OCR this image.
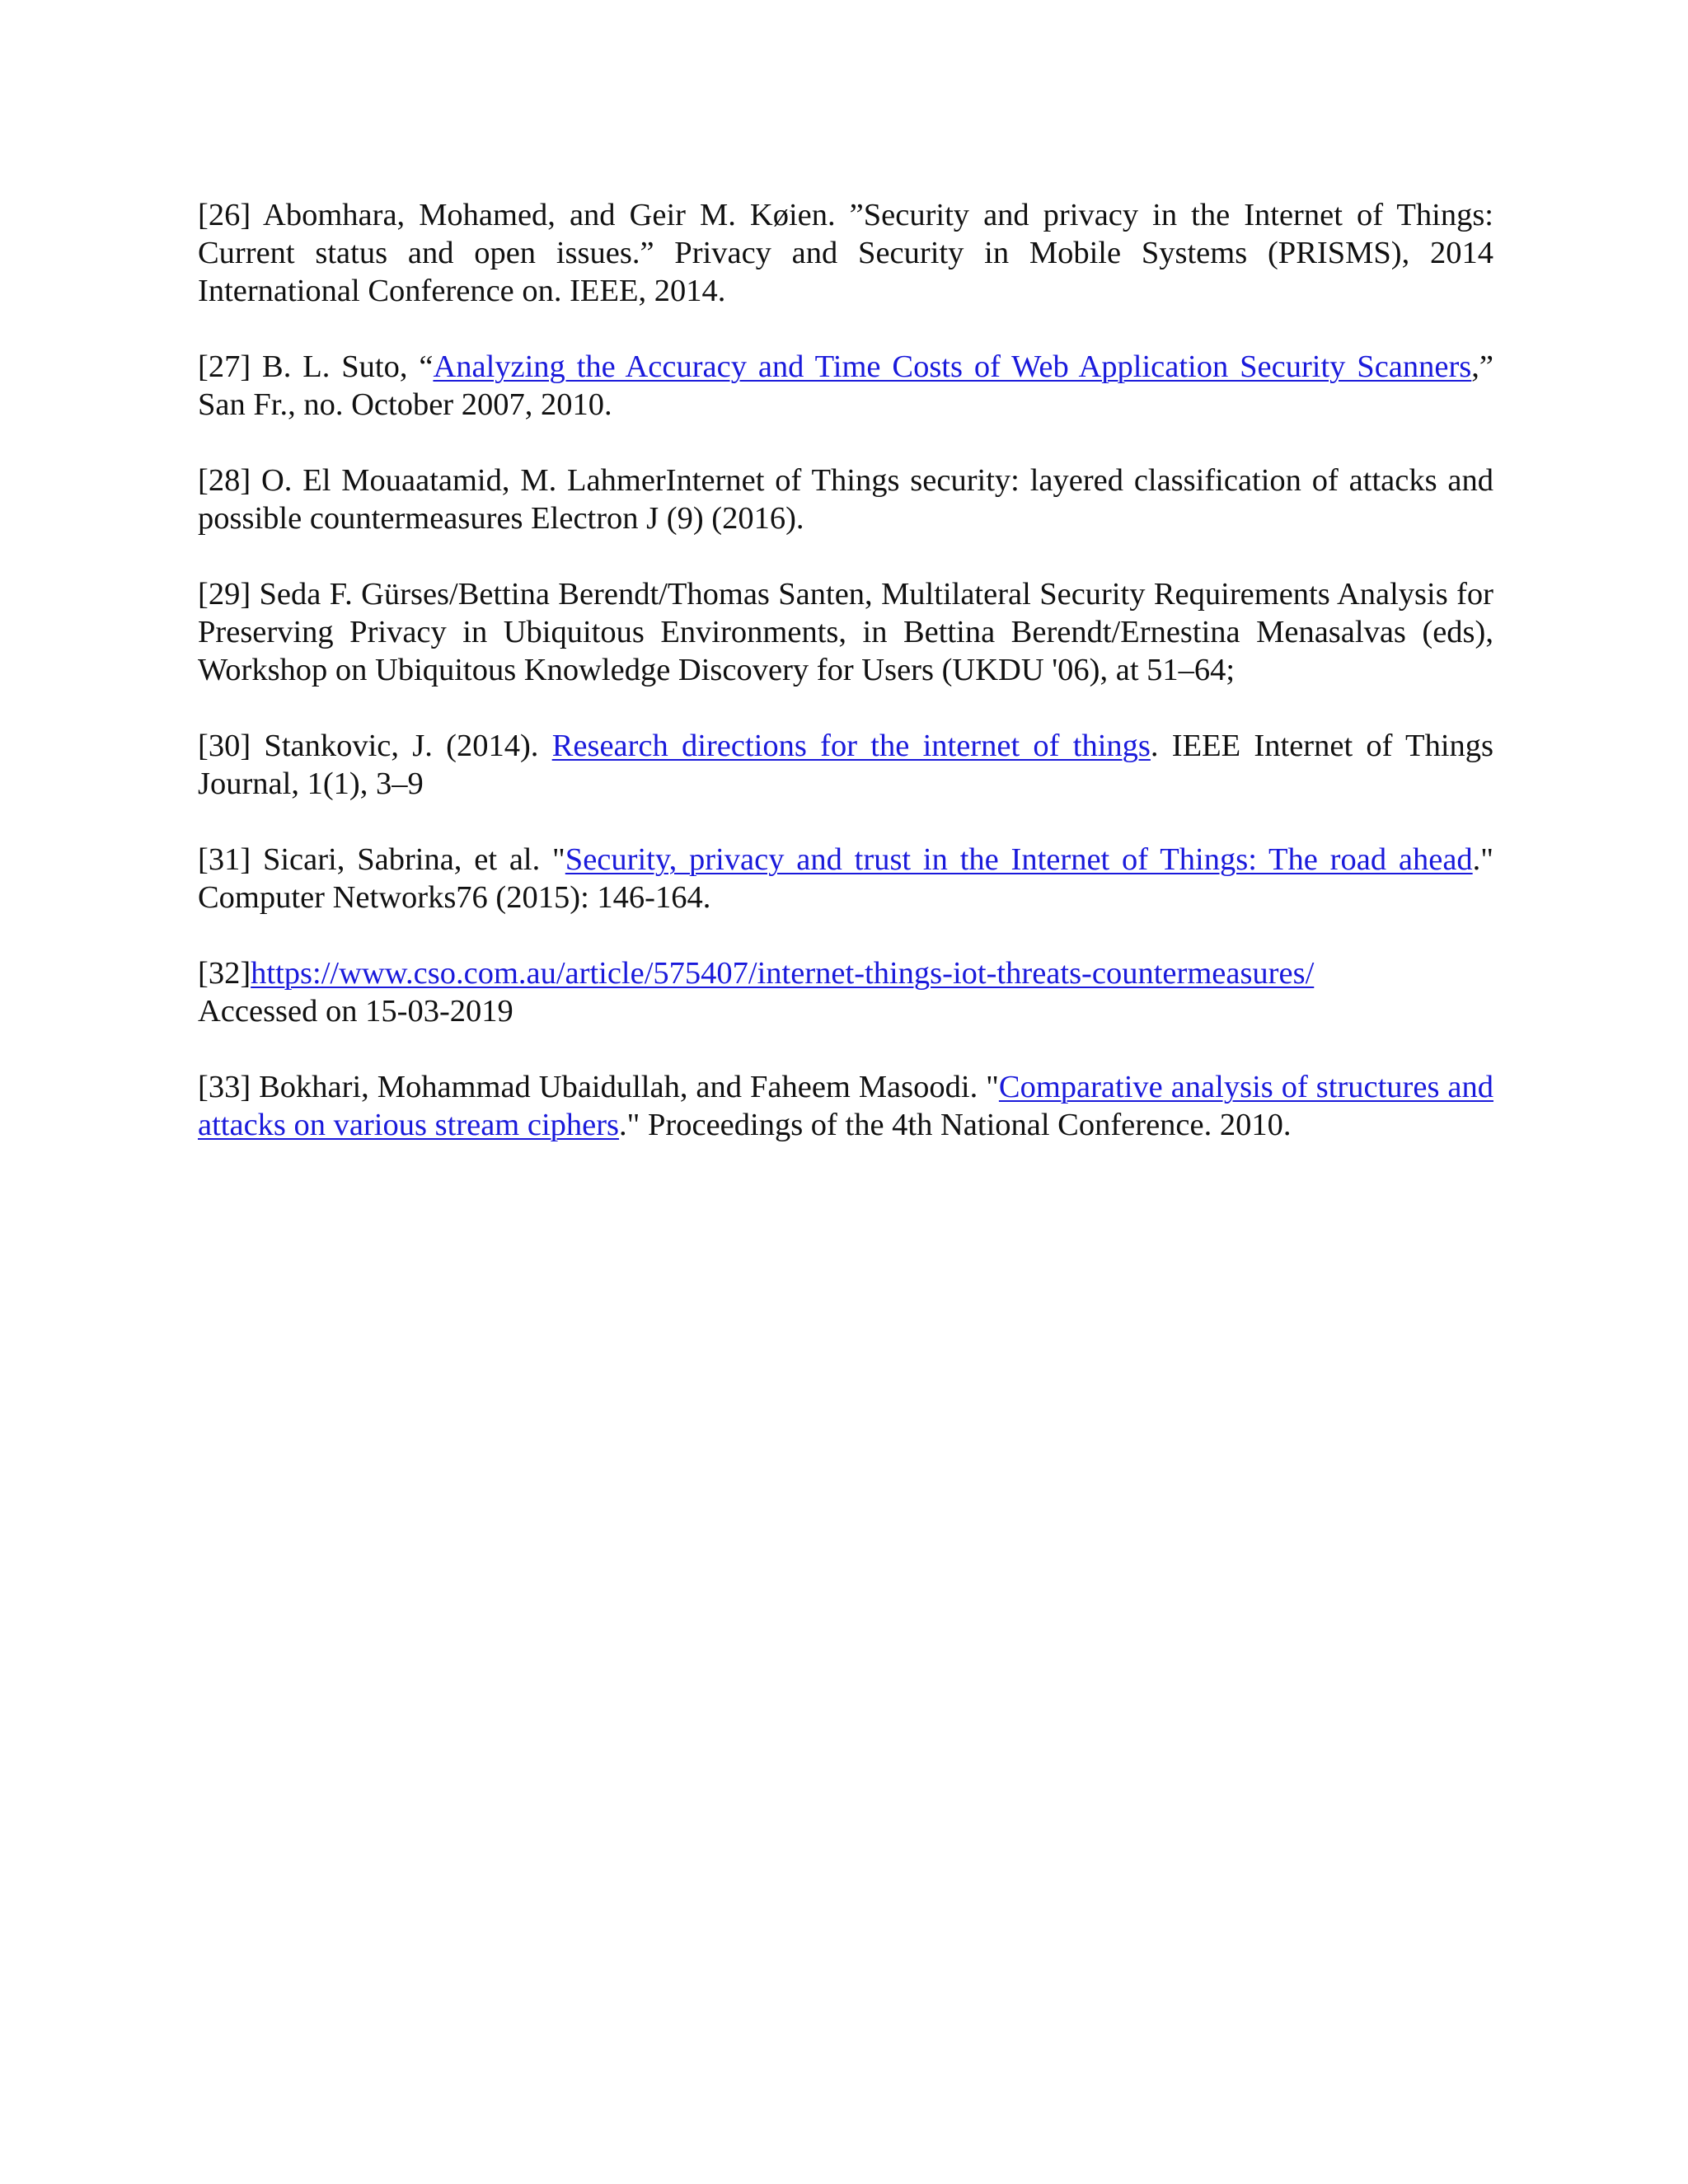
[26] Abomhara, Mohamed, and Geir M. Køien. ”Security and privacy in the Internet of Things: Current status and open issues.” Privacy and Security in Mobile Systems (PRISMS), 2014 International Conference on. IEEE, 2014.

[27] B. L. Suto, “Analyzing the Accuracy and Time Costs of Web Application Security Scanners,” San Fr., no. October 2007, 2010.

[28] O. El Mouaatamid, M. LahmerInternet of Things security: layered classification of attacks and possible countermeasures Electron J (9) (2016).

[29] Seda F. Gürses/Bettina Berendt/Thomas Santen, Multilateral Security Requirements Analysis for Preserving Privacy in Ubiquitous Environments, in Bettina Berendt/Ernestina Menasalvas (eds), Workshop on Ubiquitous Knowledge Discovery for Users (UKDU '06), at 51–64;

[30] Stankovic, J. (2014). Research directions for the internet of things. IEEE Internet of Things Journal, 1(1), 3–9

[31] Sicari, Sabrina, et al. "Security, privacy and trust in the Internet of Things: The road ahead." Computer Networks76 (2015): 146-164.

[32]https://www.cso.com.au/article/575407/internet-things-iot-threats-countermeasures/
Accessed on 15-03-2019

[33] Bokhari, Mohammad Ubaidullah, and Faheem Masoodi. "Comparative analysis of structures and attacks on various stream ciphers." Proceedings of the 4th National Conference. 2010.
